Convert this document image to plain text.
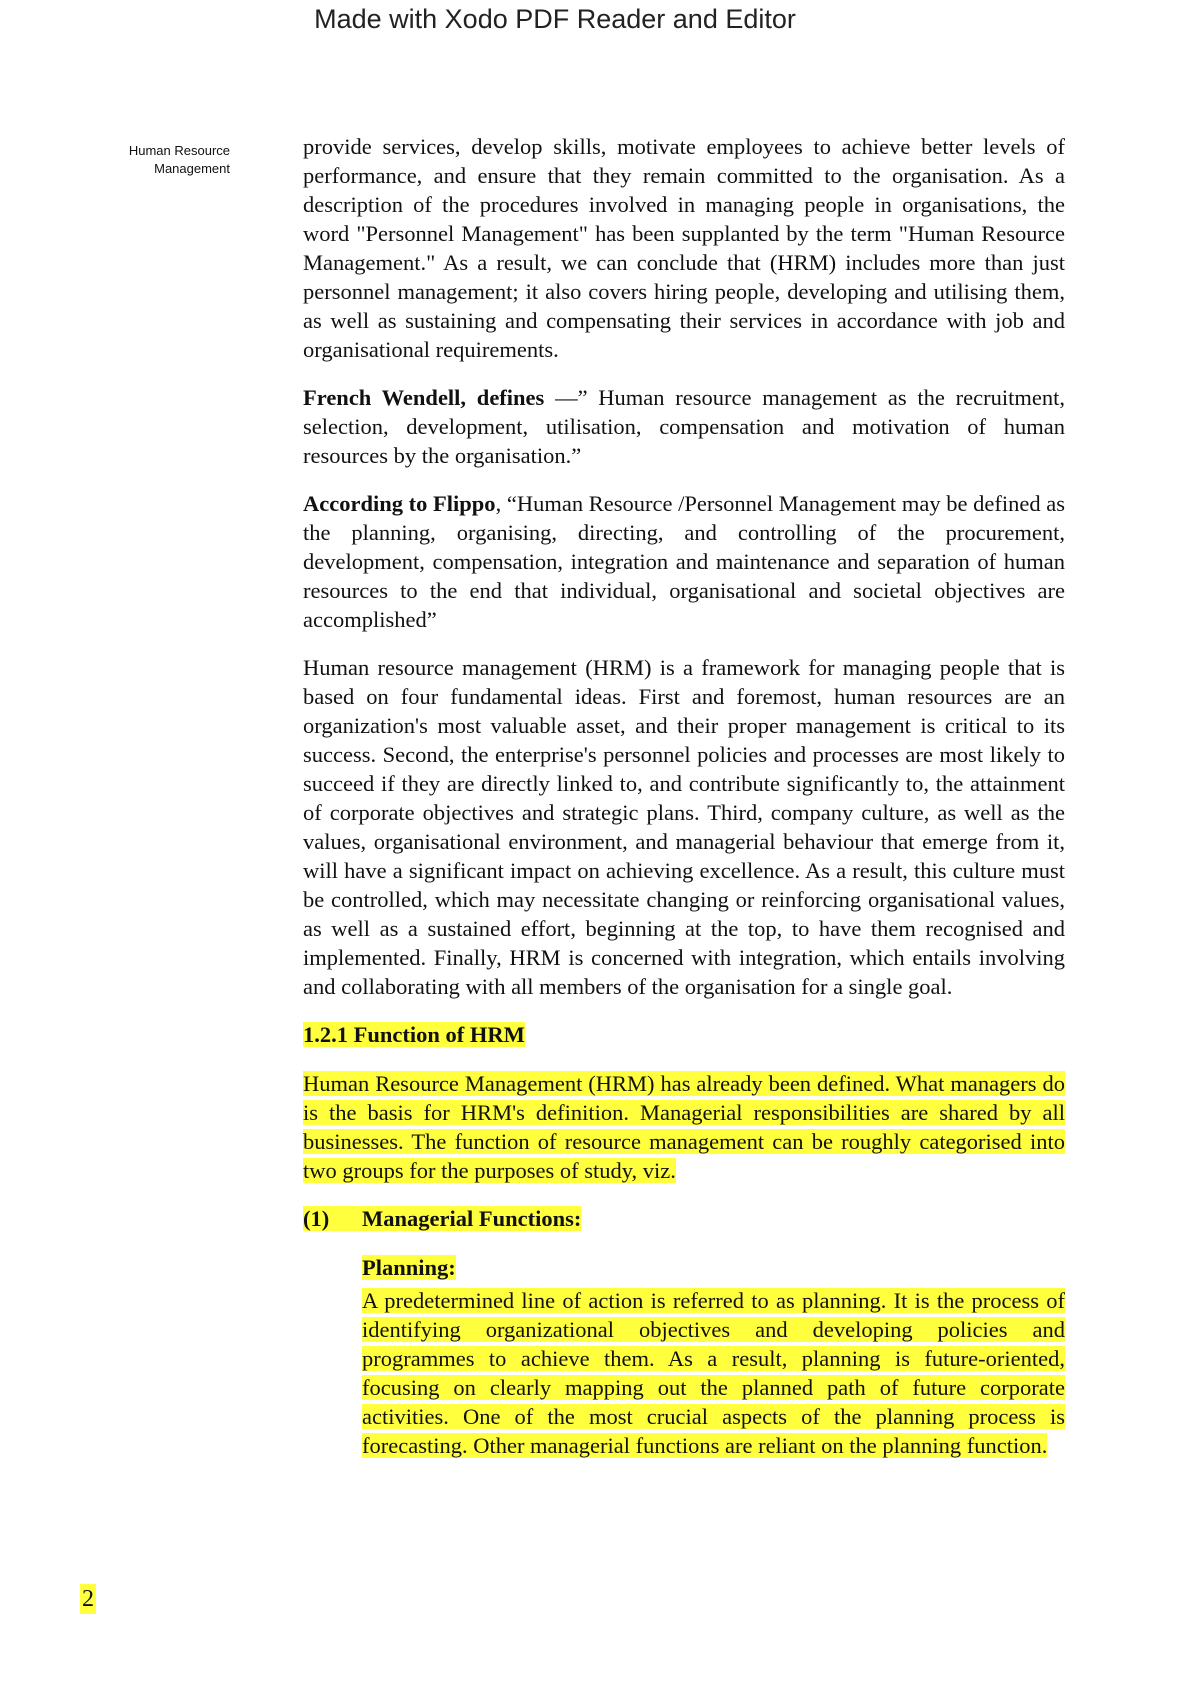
Made with Xodo PDF Reader and Editor
Human Resource
Management

provide services, develop skills, motivate employees to achieve better levels of performance, and ensure that they remain committed to the organisation. As a description of the procedures involved in managing people in organisations, the word "Personnel Management" has been supplanted by the term "Human Resource Management." As a result, we can conclude that (HRM) includes more than just personnel management; it also covers hiring people, developing and utilising them, as well as sustaining and compensating their services in accordance with job and organisational requirements.

French Wendell, defines —” Human resource management as the recruitment, selection, development, utilisation, compensation and motivation of human resources by the organisation.”

According to Flippo, “Human Resource /Personnel Management may be defined as the planning, organising, directing, and controlling of the procurement, development, compensation, integration and maintenance and separation of human resources to the end that individual, organisational and societal objectives are accomplished”

Human resource management (HRM) is a framework for managing people that is based on four fundamental ideas. First and foremost, human resources are an organization's most valuable asset, and their proper management is critical to its success. Second, the enterprise's personnel policies and processes are most likely to succeed if they are directly linked to, and contribute significantly to, the attainment of corporate objectives and strategic plans. Third, company culture, as well as the values, organisational environment, and managerial behaviour that emerge from it, will have a significant impact on achieving excellence. As a result, this culture must be controlled, which may necessitate changing or reinforcing organisational values, as well as a sustained effort, beginning at the top, to have them recognised and implemented. Finally, HRM is concerned with integration, which entails involving and collaborating with all members of the organisation for a single goal.

1.2.1 Function of HRM

Human Resource Management (HRM) has already been defined. What managers do is the basis for HRM's definition. Managerial responsibilities are shared by all businesses. The function of resource management can be roughly categorised into two groups for the purposes of study, viz.

(1) Managerial Functions:
Planning:

A predetermined line of action is referred to as planning. It is the process of identifying organizational objectives and developing policies and programmes to achieve them. As a result, planning is future-oriented, focusing on clearly mapping out the planned path of future corporate activities. One of the most crucial aspects of the planning process is forecasting. Other managerial functions are reliant on the planning function.

2
